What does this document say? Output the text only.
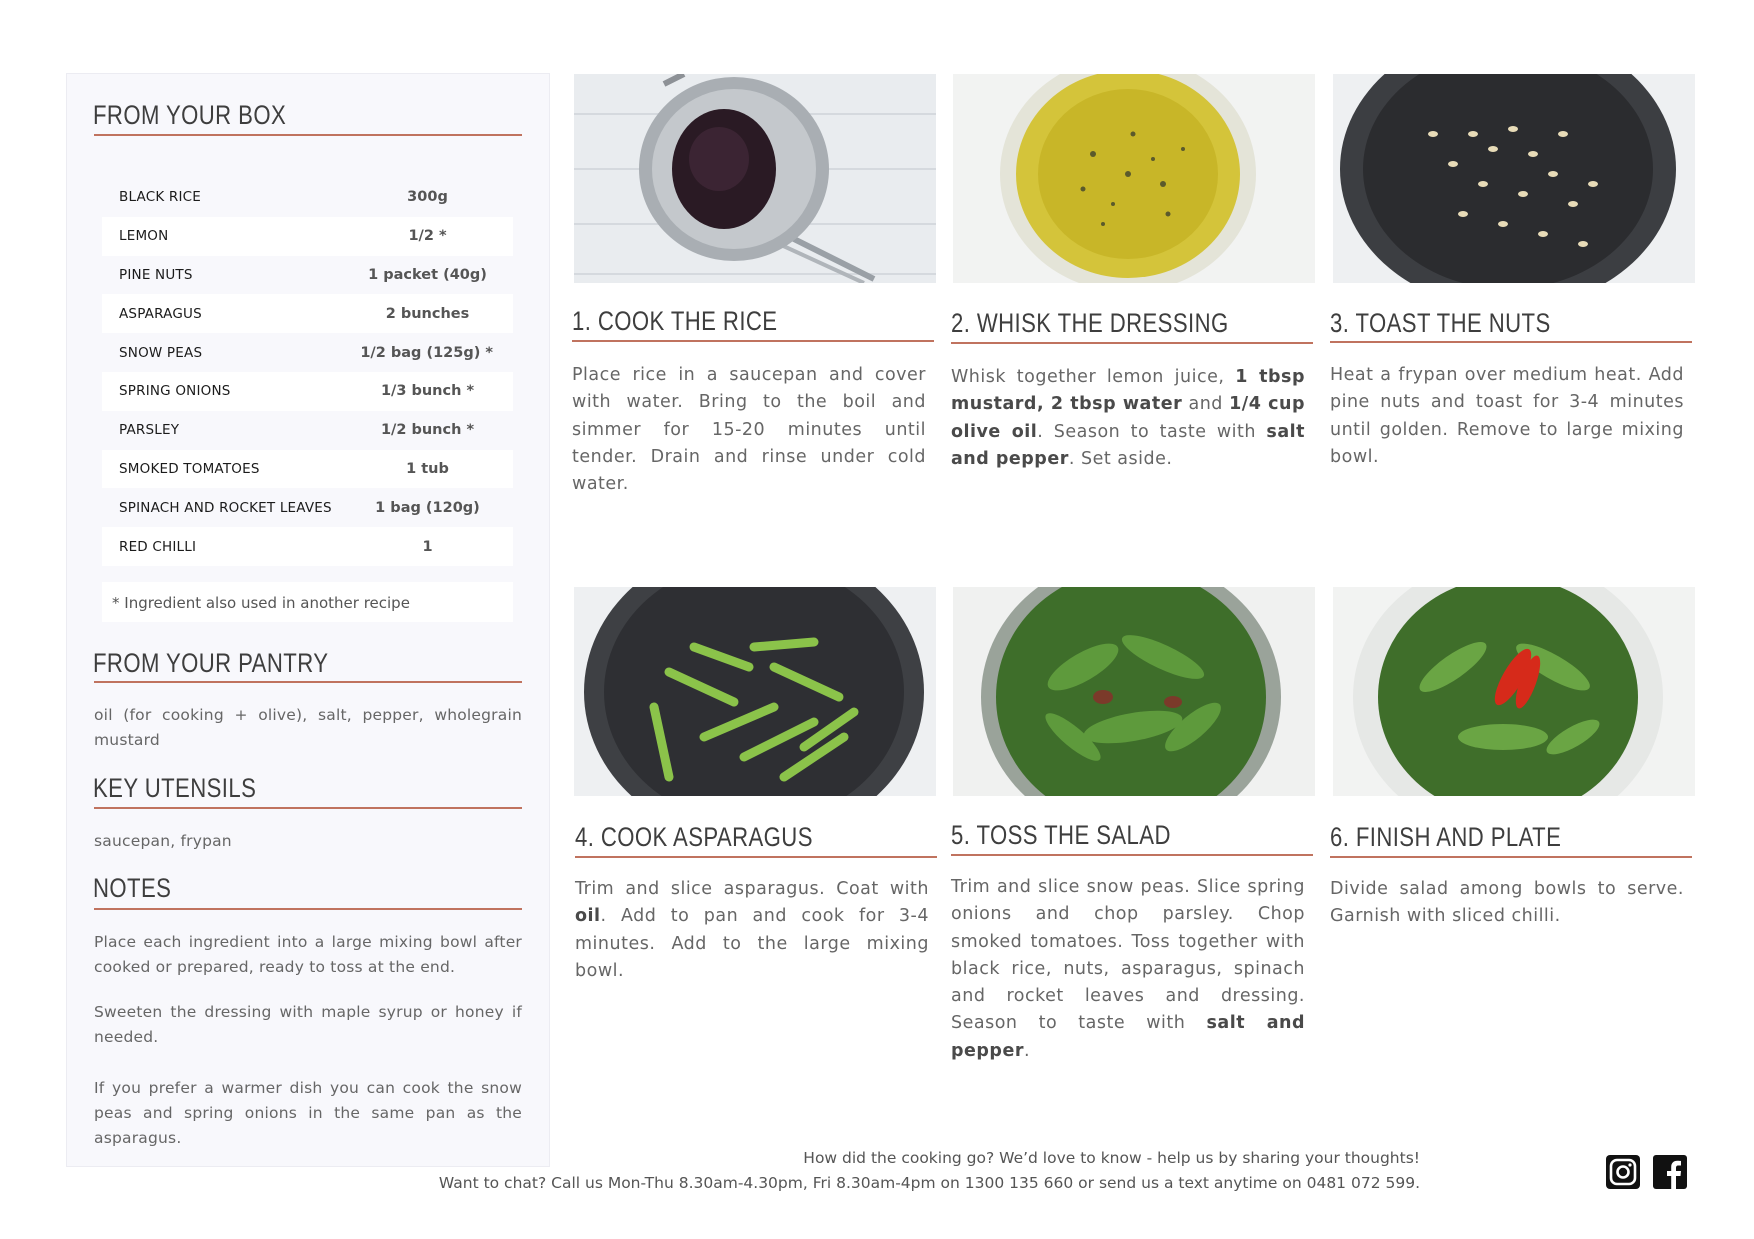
FROM YOUR BOX
BLACK RICE	300g
LEMON	1/2 *
PINE NUTS	1 packet (40g)
ASPARAGUS	2 bunches
SNOW PEAS	1/2 bag (125g) *
SPRING ONIONS	1/3 bunch *
PARSLEY	1/2 bunch *
SMOKED TOMATOES	1 tub
SPINACH AND ROCKET LEAVES	1 bag (120g)
RED CHILLI	1
* Ingredient also used in another recipe
FROM YOUR PANTRY
oil (for cooking + olive), salt, pepper, wholegrain mustard
KEY UTENSILS
saucepan, frypan
NOTES
Place each ingredient into a large mixing bowl after cooked or prepared, ready to toss at the end.
Sweeten the dressing with maple syrup or honey if needed.
If you prefer a warmer dish you can cook the snow peas and spring onions in the same pan as the asparagus.
1. COOK THE RICE
Place rice in a saucepan and cover with water. Bring to the boil and simmer for 15-20 minutes until tender. Drain and rinse under cold water.
2. WHISK THE DRESSING
Whisk together lemon juice, 1 tbsp mustard, 2 tbsp water and 1/4 cup olive oil. Season to taste with salt and pepper. Set aside.
3. TOAST THE NUTS
Heat a frypan over medium heat. Add pine nuts and toast for 3-4 minutes until golden. Remove to large mixing bowl.
4. COOK ASPARAGUS
Trim and slice asparagus. Coat with oil. Add to pan and cook for 3-4 minutes. Add to the large mixing bowl.
5. TOSS THE SALAD
Trim and slice snow peas. Slice spring onions and chop parsley. Chop smoked tomatoes. Toss together with black rice, nuts, asparagus, spinach and rocket leaves and dressing. Season to taste with salt and pepper.
6. FINISH AND PLATE
Divide salad among bowls to serve. Garnish with sliced chilli.
How did the cooking go? We’d love to know - help us by sharing your thoughts!
Want to chat? Call us Mon-Thu 8.30am-4.30pm, Fri 8.30am-4pm on 1300 135 660 or send us a text anytime on 0481 072 599.
